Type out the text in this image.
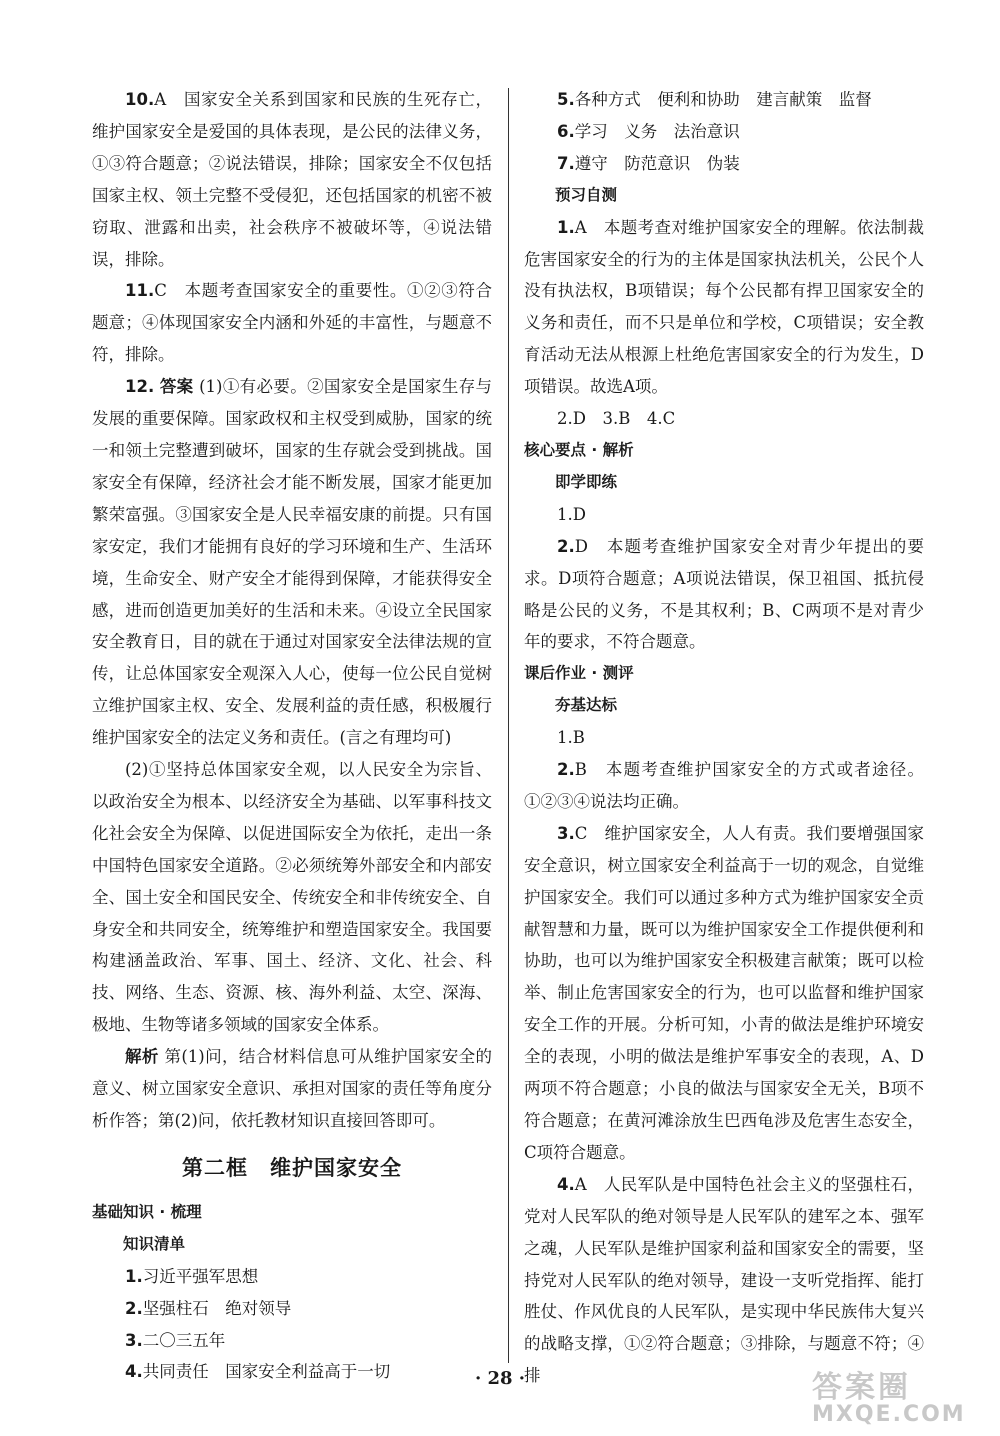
10.A　国家安全关系到国家和民族的生死存亡，维护国家安全是爱国的具体表现，是公民的法律义务，①③符合题意；②说法错误，排除；国家安全不仅包括国家主权、领土完整不受侵犯，还包括国家的机密不被窃取、泄露和出卖，社会秩序不被破坏等，④说法错误，排除。

11.C　本题考查国家安全的重要性。①②③符合题意；④体现国家安全内涵和外延的丰富性，与题意不符，排除。

12. 答案 (1)①有必要。②国家安全是国家生存与发展的重要保障。国家政权和主权受到威胁，国家的统一和领土完整遭到破坏，国家的生存就会受到挑战。国家安全有保障，经济社会才能不断发展，国家才能更加繁荣富强。③国家安全是人民幸福安康的前提。只有国家安定，我们才能拥有良好的学习环境和生产、生活环境，生命安全、财产安全才能得到保障，才能获得安全感，进而创造更加美好的生活和未来。④设立全民国家安全教育日，目的就在于通过对国家安全法律法规的宣传，让总体国家安全观深入人心，使每一位公民自觉树立维护国家主权、安全、发展利益的责任感，积极履行维护国家安全的法定义务和责任。(言之有理均可)

(2)①坚持总体国家安全观，以人民安全为宗旨、以政治安全为根本、以经济安全为基础、以军事科技文化社会安全为保障、以促进国际安全为依托，走出一条中国特色国家安全道路。②必须统筹外部安全和内部安全、国土安全和国民安全、传统安全和非传统安全、自身安全和共同安全，统筹维护和塑造国家安全。我国要构建涵盖政治、军事、国土、经济、文化、社会、科技、网络、生态、资源、核、海外利益、太空、深海、极地、生物等诸多领域的国家安全体系。

解析 第(1)问，结合材料信息可从维护国家安全的意义、树立国家安全意识、承担对国家的责任等角度分析作答；第(2)问，依托教材知识直接回答即可。

第二框　维护国家安全

基础知识 · 梳理

知识清单

1.习近平强军思想

2.坚强柱石　绝对领导

3.二〇三五年

4.共同责任　国家安全利益高于一切

5.各种方式　便利和协助　建言献策　监督

6.学习　义务　法治意识

7.遵守　防范意识　伪装

预习自测

1.A　本题考查对维护国家安全的理解。依法制裁危害国家安全的行为的主体是国家执法机关，公民个人没有执法权，B项错误；每个公民都有捍卫国家安全的义务和责任，而不只是单位和学校，C项错误；安全教育活动无法从根源上杜绝危害国家安全的行为发生，D项错误。故选A项。

2.D　3.B　4.C

核心要点 · 解析

即学即练

1.D

2.D　本题考查维护国家安全对青少年提出的要求。D项符合题意；A项说法错误，保卫祖国、抵抗侵略是公民的义务，不是其权利；B、C两项不是对青少年的要求，不符合题意。

课后作业 · 测评

夯基达标

1.B

2.B　本题考查维护国家安全的方式或者途径。①②③④说法均正确。

3.C　维护国家安全，人人有责。我们要增强国家安全意识，树立国家安全利益高于一切的观念，自觉维护国家安全。我们可以通过多种方式为维护国家安全贡献智慧和力量，既可以为维护国家安全工作提供便利和协助，也可以为维护国家安全积极建言献策；既可以检举、制止危害国家安全的行为，也可以监督和维护国家安全工作的开展。分析可知，小青的做法是维护环境安全的表现，小明的做法是维护军事安全的表现，A、D两项不符合题意；小良的做法与国家安全无关，B项不符合题意；在黄河滩涂放生巴西龟涉及危害生态安全，C项符合题意。

4.A　人民军队是中国特色社会主义的坚强柱石，党对人民军队的绝对领导是人民军队的建军之本、强军之魂，人民军队是维护国家利益和国家安全的需要，坚持党对人民军队的绝对领导，建设一支听党指挥、能打胜仗、作风优良的人民军队，是实现中华民族伟大复兴的战略支撑，①②符合题意；③排除，与题意不符；④排

· 28 ·	答案圈
MXQE.COM
